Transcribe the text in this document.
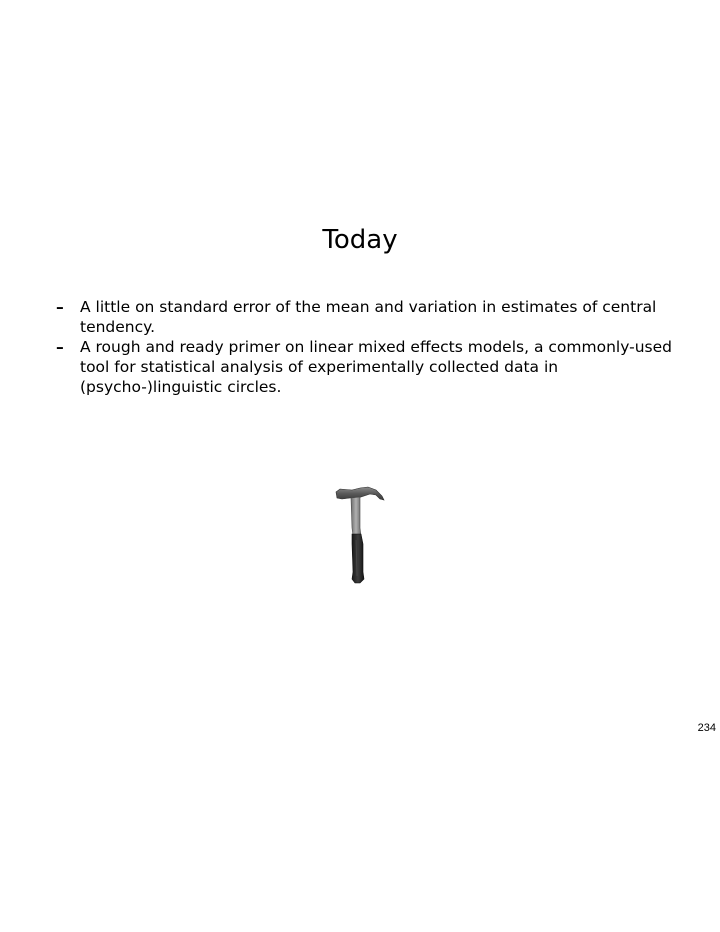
Today
– A little on standard error of the mean and variation in estimates of central tendency.
– A rough and ready primer on linear mixed effects models, a commonly-used tool for statistical analysis of experimentally collected data in (psycho-)linguistic circles.
234
